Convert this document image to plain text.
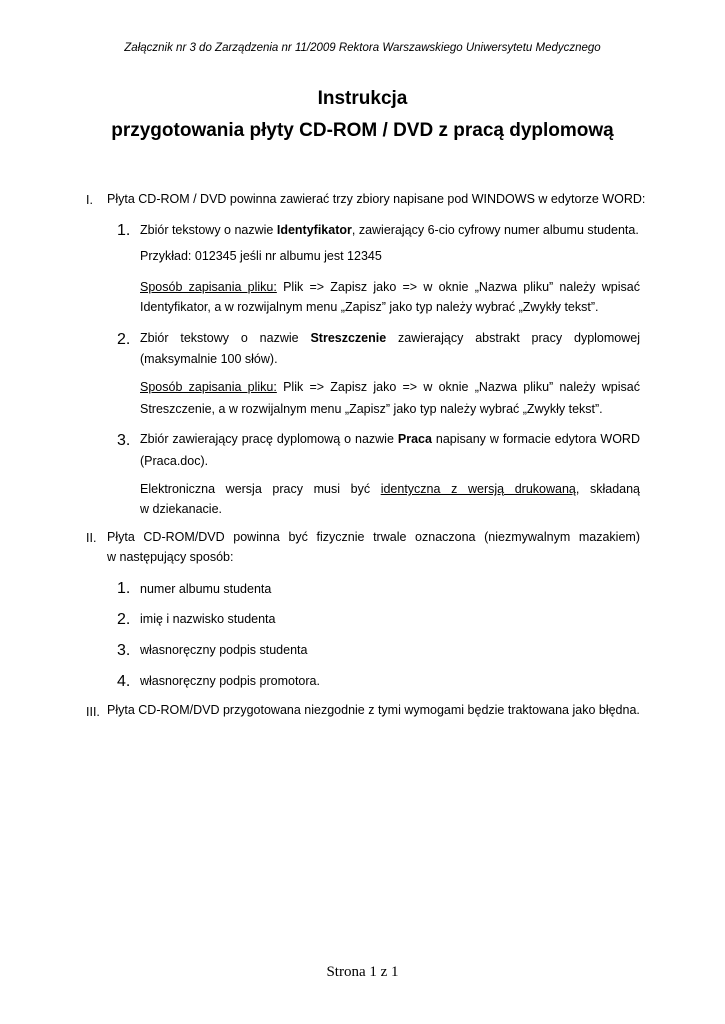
Załącznik nr 3 do Zarządzenia nr 11/2009 Rektora Warszawskiego Uniwersytetu Medycznego
Instrukcja
przygotowania płyty CD-ROM / DVD z pracą dyplomową
I.	Płyta CD-ROM / DVD powinna zawierać trzy zbiory napisane pod WINDOWS w edytorze WORD:
1. Zbiór tekstowy o nazwie Identyfikator, zawierający 6-cio cyfrowy numer albumu studenta.
Przykład: 012345 jeśli nr albumu jest 12345
Sposób zapisania pliku: Plik => Zapisz jako => w oknie „Nazwa pliku” należy wpisać
Identyfikator, a w rozwijalnym menu „Zapisz” jako typ należy wybrać „Zwykły tekst”.
2. Zbiór tekstowy o nazwie Streszczenie zawierający abstrakt pracy dyplomowej
(maksymalnie 100 słów).
Sposób zapisania pliku: Plik => Zapisz jako => w oknie „Nazwa pliku” należy wpisać
Streszczenie, a w rozwijalnym menu „Zapisz” jako typ należy wybrać „Zwykły tekst”.
3. Zbiór zawierający pracę dyplomową o nazwie Praca napisany w formacie edytora WORD
(Praca.doc).
Elektroniczna wersja pracy musi być identyczna z wersją drukowaną, składaną
w dziekanacie.
II. Płyta CD-ROM/DVD powinna być fizycznie trwale oznaczona (niezmywalnym mazakiem)
w następujący sposób:
1. numer albumu studenta
2. imię i nazwisko studenta
3. własnoręczny podpis studenta
4. własnoręczny podpis promotora.
III. Płyta CD-ROM/DVD przygotowana niezgodnie z tymi wymogami będzie traktowana jako błędna.
Strona 1 z 1
